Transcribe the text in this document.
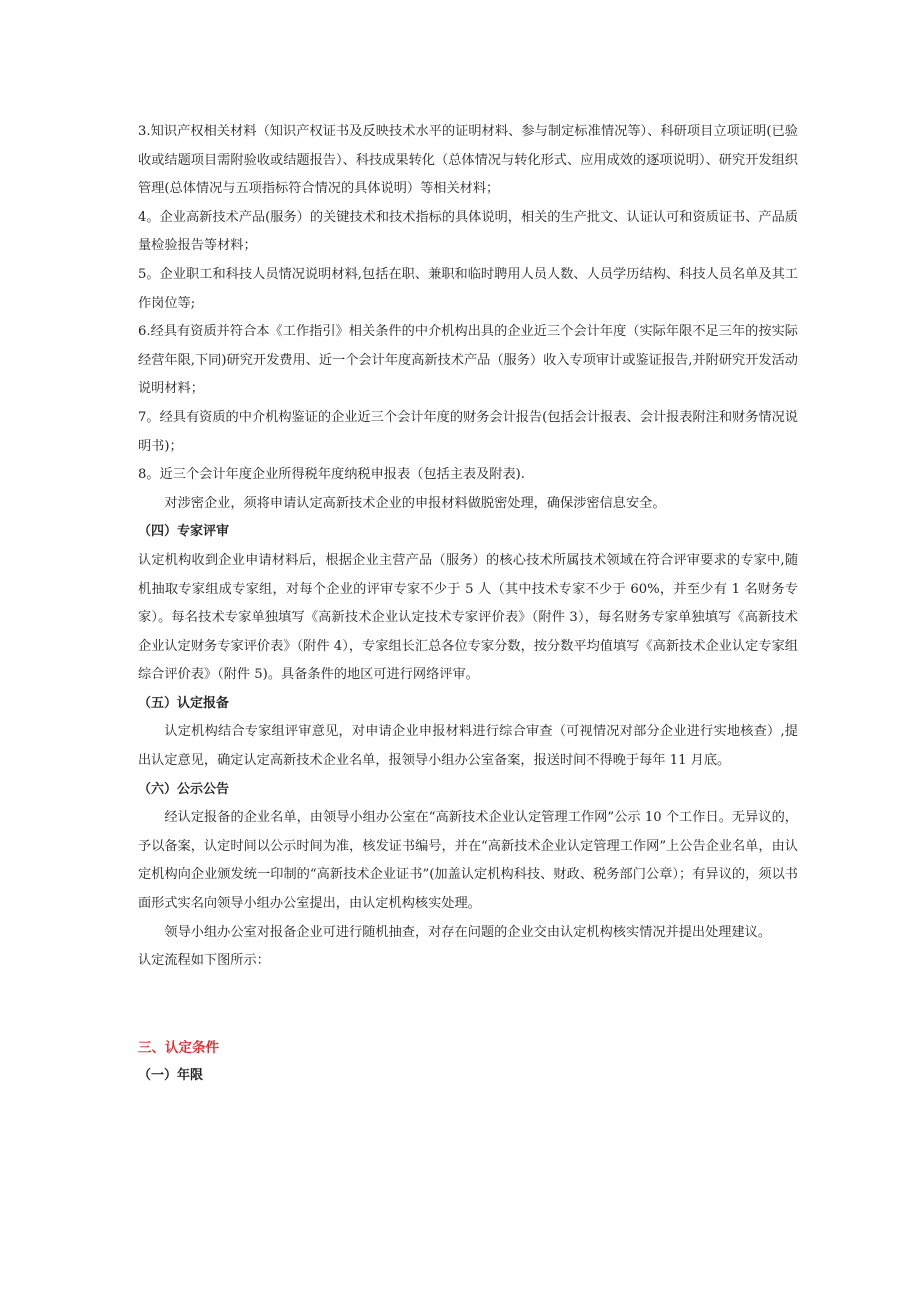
3.知识产权相关材料（知识产权证书及反映技术水平的证明材料、参与制定标准情况等）、科研项目立项证明(已验收或结题项目需附验收或结题报告）、科技成果转化（总体情况与转化形式、应用成效的逐项说明）、研究开发组织管理(总体情况与五项指标符合情况的具体说明）等相关材料；

4。企业高新技术产品(服务）的关键技术和技术指标的具体说明，相关的生产批文、认证认可和资质证书、产品质量检验报告等材料；

5。企业职工和科技人员情况说明材料,包括在职、兼职和临时聘用人员人数、人员学历结构、科技人员名单及其工作岗位等;

6.经具有资质并符合本《工作指引》相关条件的中介机构出具的企业近三个会计年度（实际年限不足三年的按实际经营年限,下同)研究开发费用、近一个会计年度高新技术产品（服务）收入专项审计或鉴证报告,并附研究开发活动说明材料；

7。经具有资质的中介机构鉴证的企业近三个会计年度的财务会计报告(包括会计报表、会计报表附注和财务情况说明书)；

8。近三个会计年度企业所得税年度纳税申报表（包括主表及附表).

对涉密企业，须将申请认定高新技术企业的申报材料做脱密处理，确保涉密信息安全。

（四）专家评审

认定机构收到企业申请材料后，根据企业主营产品（服务）的核心技术所属技术领域在符合评审要求的专家中,随机抽取专家组成专家组，对每个企业的评审专家不少于 5 人（其中技术专家不少于 60%，并至少有 1 名财务专家）。每名技术专家单独填写《高新技术企业认定技术专家评价表》（附件 3），每名财务专家单独填写《高新技术企业认定财务专家评价表》（附件 4），专家组长汇总各位专家分数，按分数平均值填写《高新技术企业认定专家组综合评价表》（附件 5)。具备条件的地区可进行网络评审。

（五）认定报备

认定机构结合专家组评审意见，对申请企业申报材料进行综合审查（可视情况对部分企业进行实地核查）,提出认定意见，确定认定高新技术企业名单，报领导小组办公室备案，报送时间不得晚于每年 11 月底。

（六）公示公告

经认定报备的企业名单，由领导小组办公室在“高新技术企业认定管理工作网”公示 10 个工作日。无异议的，予以备案，认定时间以公示时间为准，核发证书编号，并在“高新技术企业认定管理工作网”上公告企业名单，由认定机构向企业颁发统一印制的“高新技术企业证书”(加盖认定机构科技、财政、税务部门公章）；有异议的，须以书面形式实名向领导小组办公室提出，由认定机构核实处理。

领导小组办公室对报备企业可进行随机抽查，对存在问题的企业交由认定机构核实情况并提出处理建议。

认定流程如下图所示：

三、认定条件

（一）年限
